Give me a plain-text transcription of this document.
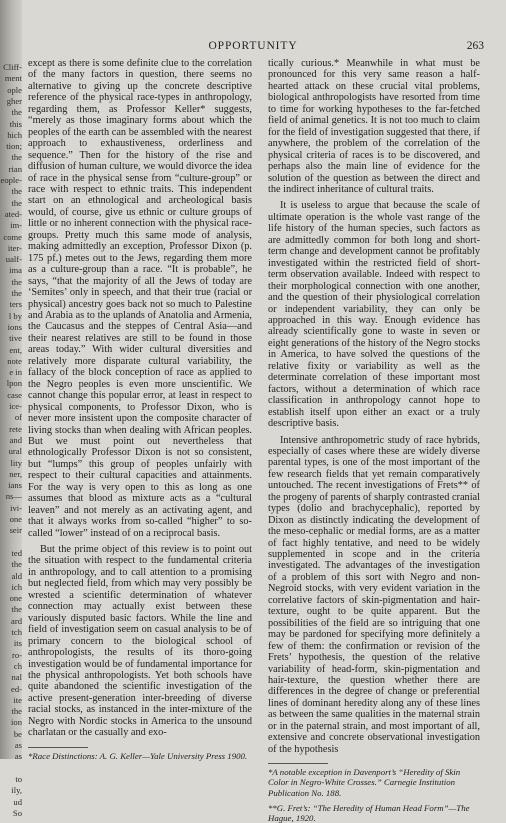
Cliff-
ment
ople
gher
the
this
hich
tion;
the
rian
eople-
the
the
ated-
im-
come
iter-
ualf-
ima
the
the
ters
l by
ions
tive
ent,
note
e in
lpon
case
ice-
of
rete
and
ural
lity
ner,
ians
ns—
ivi-
one
seir
ted
the
ald
ich
one
the
ard
tch
its
ro-
ch
nal
ed-
ite
the
ion
be
as
as
to
ily,
ud
So
OPPORTUNITY	263

except as there is some definite clue to the correlation of the many factors in question, there seems no alternative to giving up the concrete descriptive reference of the physical race-types in anthropology, regarding them, as Professor Keller* suggests, “merely as those imaginary forms about which the peoples of the earth can be assembled with the nearest approach to exhaustiveness, orderliness and sequence.” Then for the history of the rise and diffusion of human culture, we would divorce the idea of race in the physical sense from “culture-group” or race with respect to ethnic traits. This independent start on an ethnological and archeological basis would, of course, give us ethnic or culture groups of little or no inherent connection with the physical race-groups. Pretty much this same mode of analysis, making admittedly an exception, Professor Dixon (p. 175 pf.) metes out to the Jews, regarding them more as a culture-group than a race. “It is probable”, he says, “that the majority of all the Jews of today are ‘Semites’ only in speech, and that their true (racial or physical) ancestry goes back not so much to Palestine and Arabia as to the uplands of Anatolia and Armenia, the Caucasus and the steppes of Central Asia—and their nearest relatives are still to be found in those areas today.” With wider cultural diversities and relatively more disparate cultural variability, the fallacy of the block conception of race as applied to the Negro peoples is even more unscientific. We cannot change this popular error, at least in respect to physical components, to Professor Dixon, who is never more insistent upon the composite character of living stocks than when dealing with African peoples. But we must point out nevertheless that ethnologically Professor Dixon is not so consistent, but “lumps” this group of peoples unfairly with respect to their cultural capacities and attainments. For the way is very open to this as long as one assumes that blood as mixture acts as a “cultural leaven” and not merely as an activating agent, and that it always works from so-called “higher” to so-called “lower” instead of on a reciprocal basis.

But the prime object of this review is to point out the situation with respect to the fundamental criteria in anthropology, and to call attention to a promising but neglected field, from which may very possibly be wrested a scientific determination of whatever connection may actually exist between these variously disputed basic factors. While the line and field of investigation seem on casual analysis to be of primary concern to the biological school of anthropologists, the results of its thoro-going investigation would be of fundamental importance for the physical anthropologists. Yet both schools have quite abandoned the scientific investigation of the active present-generation inter-breeding of diverse racial stocks, as instanced in the inter-mixture of the Negro with Nordic stocks in America to the unsound charlatan or the casually and exo-

*Race Distinctions: A. G. Keller—Yale University Press 1900.

tically curious.* Meanwhile in what must be pronounced for this very same reason a half-hearted attack on these crucial vital problems, biological anthropologists have resorted from time to time for working hypotheses to the far-fetched field of animal genetics. It is not too much to claim for the field of investigation suggested that there, if anywhere, the problem of the correlation of the physical criteria of races is to be discovered, and perhaps also the main line of evidence for the solution of the question as between the direct and the indirect inheritance of cultural traits.

It is useless to argue that because the scale of ultimate operation is the whole vast range of the life history of the human species, such factors as are admittedly common for both long and short-term change and development cannot be profitably investigated within the restricted field of short-term observation available. Indeed with respect to their morphological connection with one another, and the question of their physiological correlation or independent variability, they can only be approached in this way. Enough evidence has already scientifically gone to waste in seven or eight generations of the history of the Negro stocks in America, to have solved the questions of the relative fixity or variability as well as the determinate correlation of these important most factors, without a determination of which race classification in anthropology cannot hope to establish itself upon either an exact or a truly descriptive basis.

Intensive anthropometric study of race hybrids, especially of cases where these are widely diverse parental types, is one of the most important of the few research fields that yet remain comparatively untouched. The recent investigations of Frets** of the progeny of parents of sharply contrasted cranial types (dolio and brachycephalic), reported by Dixon as distinctly indicating the development of the meso-cephalic or medial forms, are as a matter of fact highly tentative, and need to be widely supplemented in scope and in the criteria investigated. The advantages of the investigation of a problem of this sort with Negro and non-Negroid stocks, with very evident variation in the correlative factors of skin-pigmentation and hair-texture, ought to be quite apparent. But the possibilities of the field are so intriguing that one may be pardoned for specifying more definitely a few of them: the confirmation or revision of the Frets’ hypothesis, the question of the relative variability of head-form, skin-pigmentation and hair-texture, the question whether there are differences in the degree of change or preferential lines of dominant heredity along any of these lines as between the same qualities in the maternal strain or in the paternal strain, and most important of all, extensive and concrete observational investigation of the hypothesis

*A notable exception in Davenport’s “Heredity of Skin Color in Negro-White Crosses.” Carnegie Institution Publication No. 188.

**G. Fret’s: “The Heredity of Human Head Form”—The Hague, 1920.
